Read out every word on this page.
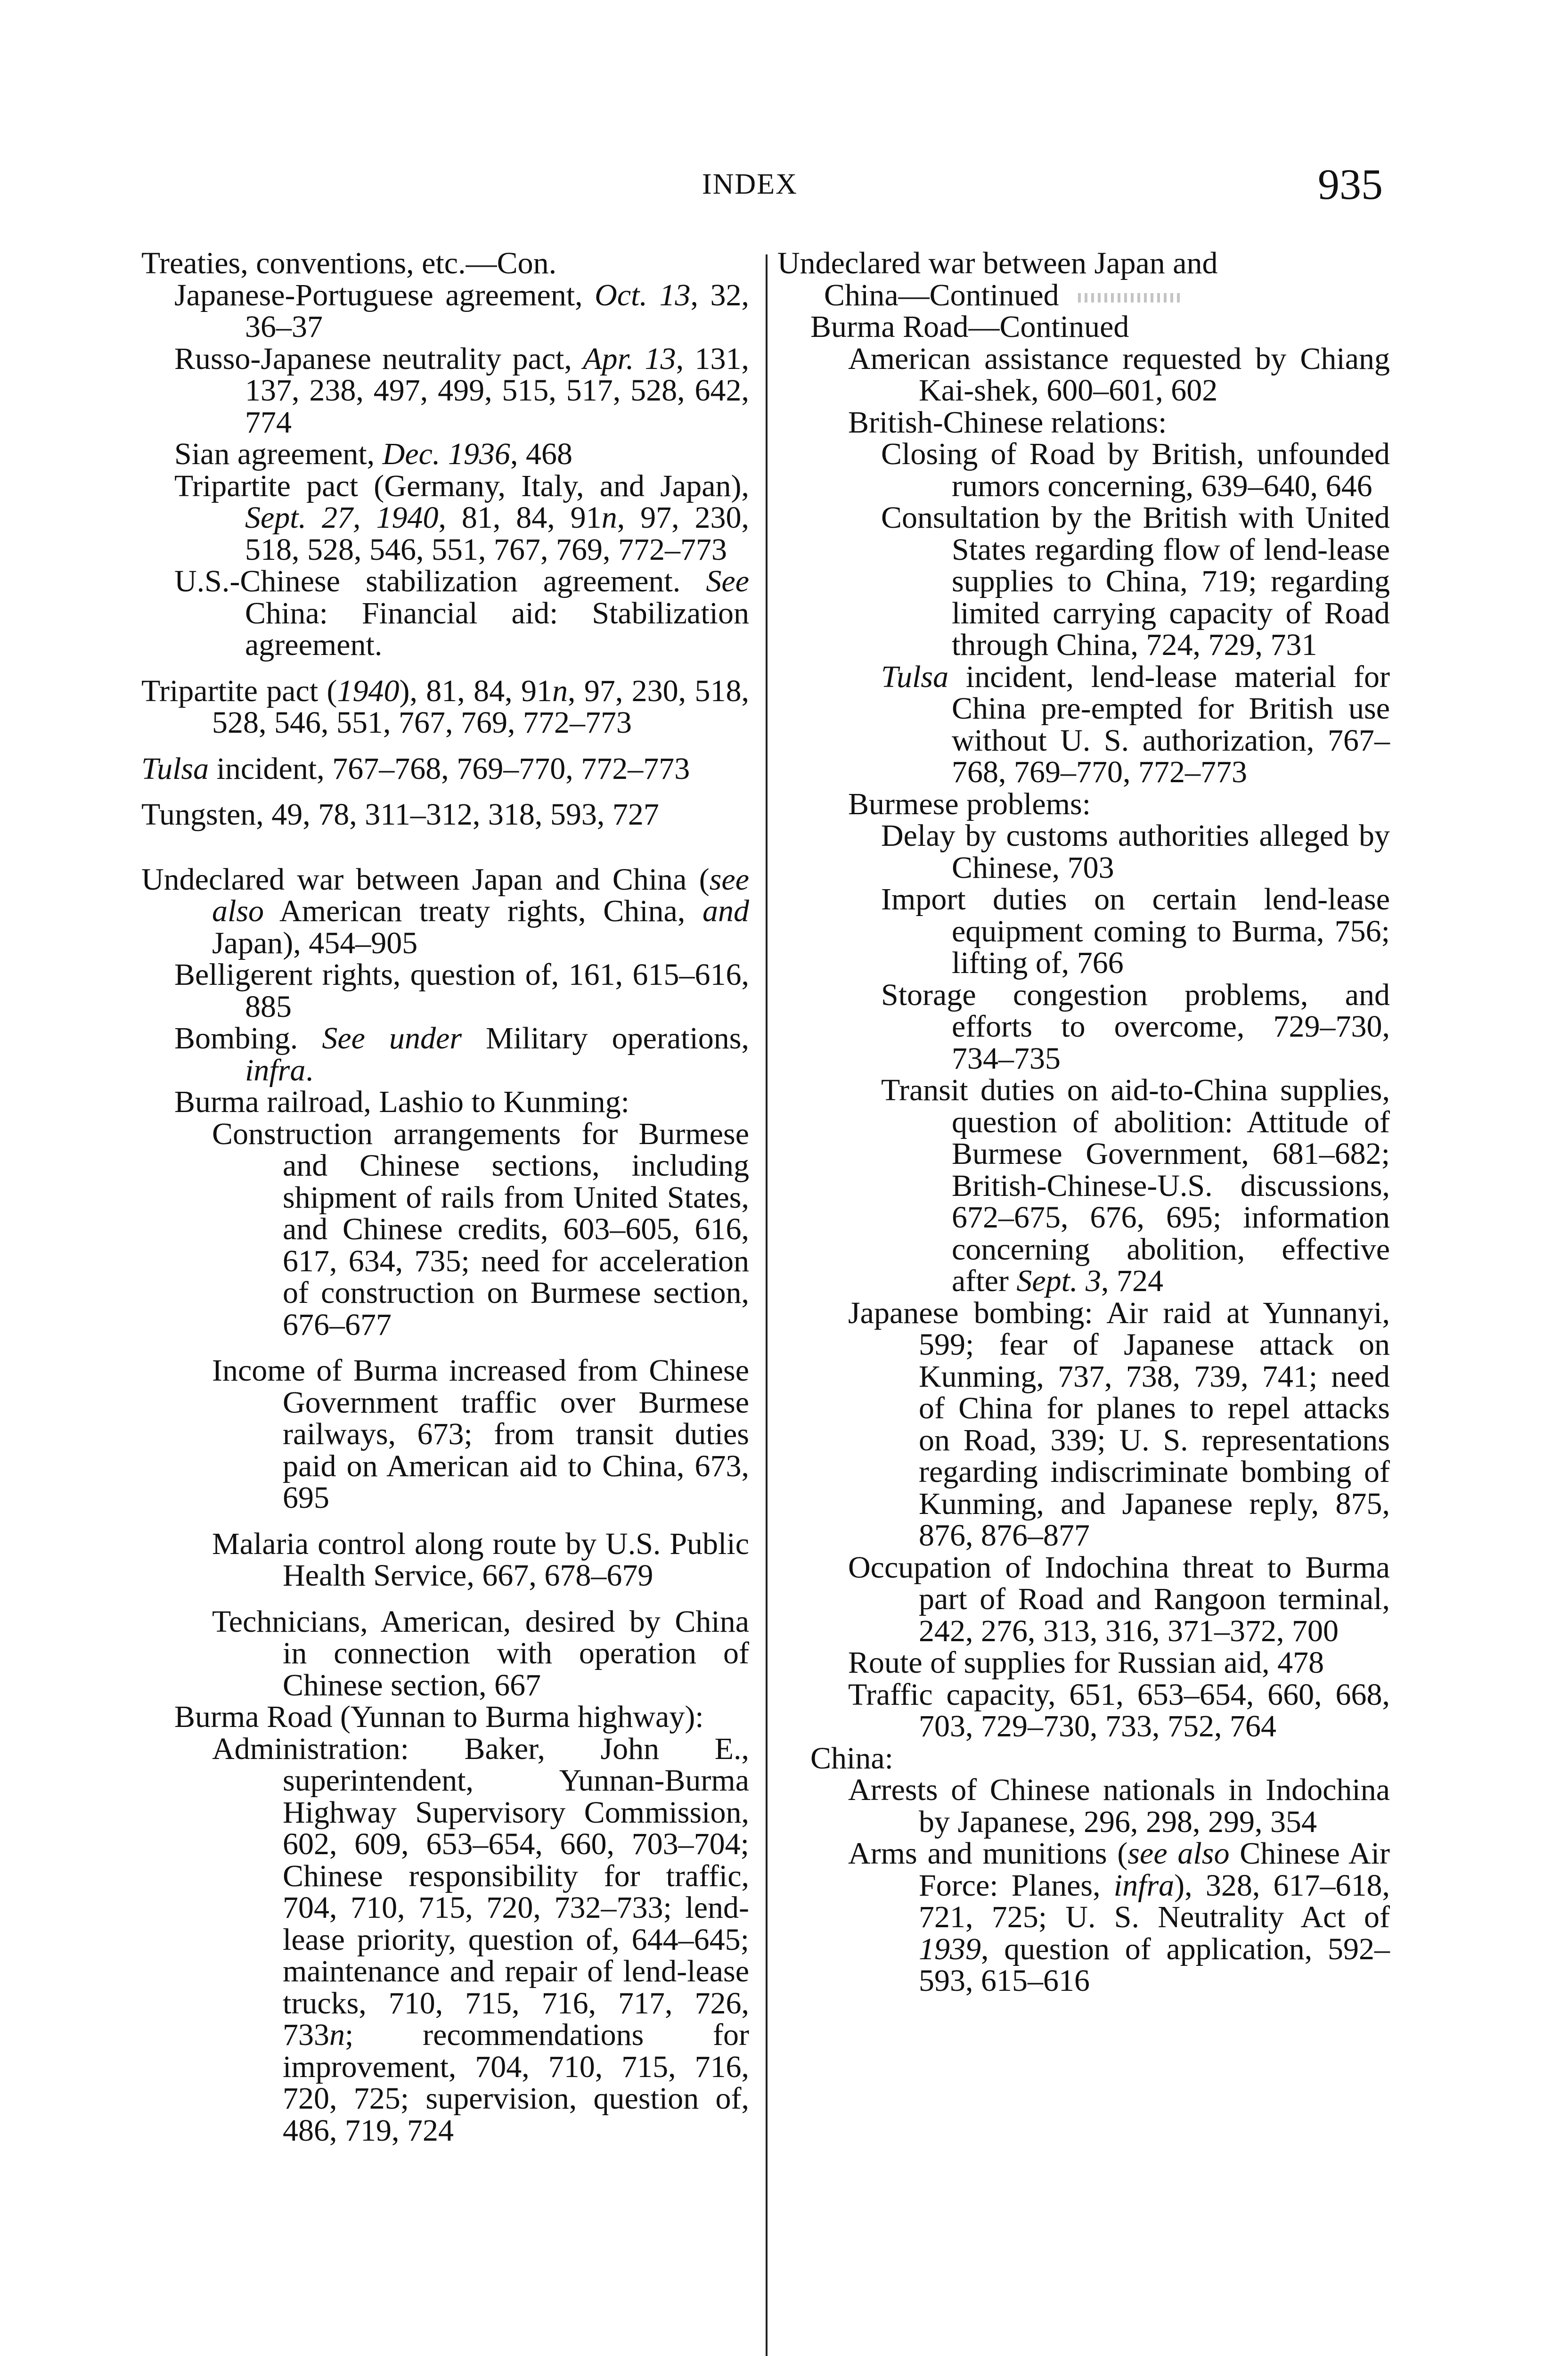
INDEX	935

Treaties, conventions, etc.—Con.

Japanese-Portuguese agreement, Oct. 13, 32, 36–37

Russo-Japanese neutrality pact, Apr. 13, 131, 137, 238, 497, 499, 515, 517, 528, 642, 774

Sian agreement, Dec. 1936, 468

Tripartite pact (Germany, Italy, and Japan), Sept. 27, 1940, 81, 84, 91n, 97, 230, 518, 528, 546, 551, 767, 769, 772–773

U.S.-Chinese stabilization agreement. See China: Financial aid: Stabilization agreement.

Tripartite pact (1940), 81, 84, 91n, 97, 230, 518, 528, 546, 551, 767, 769, 772–773

Tulsa incident, 767–768, 769–770, 772–773

Tungsten, 49, 78, 311–312, 318, 593, 727

Undeclared war between Japan and China (see also American treaty rights, China, and Japan), 454–905

Belligerent rights, question of, 161, 615–616, 885

Bombing. See under Military operations, infra.

Burma railroad, Lashio to Kunming:

Construction arrangements for Burmese and Chinese sections, including shipment of rails from United States, and Chinese credits, 603–605, 616, 617, 634, 735; need for acceleration of construction on Burmese section, 676–677

Income of Burma increased from Chinese Government traffic over Burmese railways, 673; from transit duties paid on American aid to China, 673, 695

Malaria control along route by U.S. Public Health Service, 667, 678–679

Technicians, American, desired by China in connection with operation of Chinese section, 667

Burma Road (Yunnan to Burma highway):

Administration: Baker, John E., superintendent, Yunnan-Burma Highway Supervisory Commission, 602, 609, 653–654, 660, 703–704; Chinese responsibility for traffic, 704, 710, 715, 720, 732–733; lend-lease priority, question of, 644–645; maintenance and repair of lend-lease trucks, 710, 715, 716, 717, 726, 733n; recommendations for improvement, 704, 710, 715, 716, 720, 725; supervision, question of, 486, 719, 724

Undeclared war between Japan and

China—Continued

Burma Road—Continued

American assistance requested by Chiang Kai-shek, 600–601, 602

British-Chinese relations:

Closing of Road by British, unfounded rumors concerning, 639–640, 646

Consultation by the British with United States regarding flow of lend-lease supplies to China, 719; regarding limited carrying capacity of Road through China, 724, 729, 731

Tulsa incident, lend-lease material for China pre-empted for British use without U. S. authorization, 767–768, 769–770, 772–773

Burmese problems:

Delay by customs authorities alleged by Chinese, 703

Import duties on certain lend-lease equipment coming to Burma, 756; lifting of, 766

Storage congestion problems, and efforts to overcome, 729–730, 734–735

Transit duties on aid-to-China supplies, question of abolition: Attitude of Burmese Government, 681–682; British-Chinese-U.S. discussions, 672–675, 676, 695; information concerning abolition, effective after Sept. 3, 724

Japanese bombing: Air raid at Yunnanyi, 599; fear of Japanese attack on Kunming, 737, 738, 739, 741; need of China for planes to repel attacks on Road, 339; U. S. representations regarding indiscriminate bombing of Kunming, and Japanese reply, 875, 876, 876–877

Occupation of Indochina threat to Burma part of Road and Rangoon terminal, 242, 276, 313, 316, 371–372, 700

Route of supplies for Russian aid, 478

Traffic capacity, 651, 653–654, 660, 668, 703, 729–730, 733, 752, 764

China:

Arrests of Chinese nationals in Indochina by Japanese, 296, 298, 299, 354

Arms and munitions (see also Chinese Air Force: Planes, infra), 328, 617–618, 721, 725; U. S. Neutrality Act of 1939, question of application, 592–593, 615–616
